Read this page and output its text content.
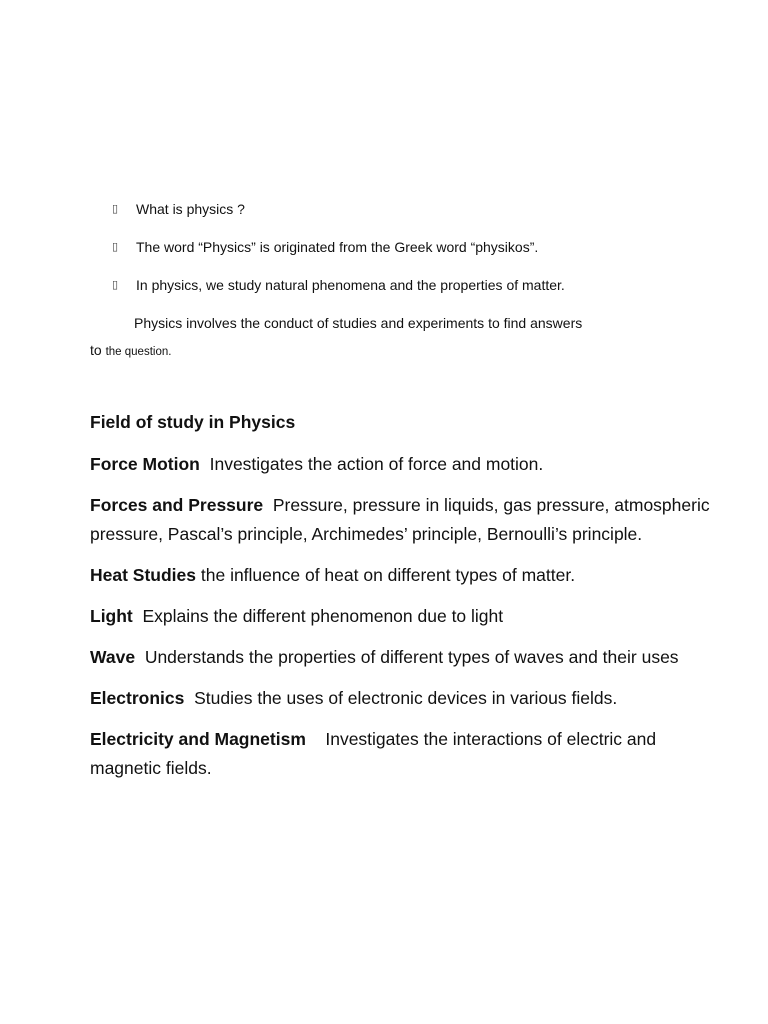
▯	What is physics ?
▯	The word “Physics” is originated from the Greek word “physikos”.
▯	In physics, we study natural phenomena and the properties of matter.
Physics involves the conduct of studies and experiments to find answers
to the question.

Field of study in Physics

Force Motion Investigates the action of force and motion.

Forces and Pressure Pressure, pressure in liquids, gas pressure, atmospheric pressure, Pascal’s principle, Archimedes’ principle, Bernoulli’s principle.

Heat Studies the influence of heat on different types of matter.

Light Explains the different phenomenon due to light

Wave Understands the properties of different types of waves and their uses

Electronics Studies the uses of electronic devices in various fields.

Electricity and Magnetism Investigates the interactions of electric and magnetic fields.
